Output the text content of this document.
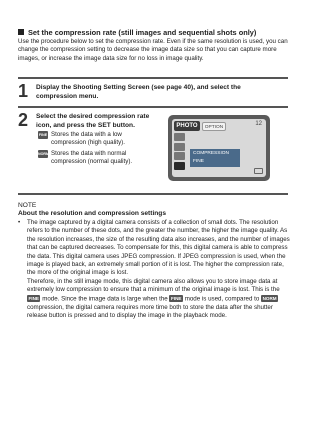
Set the compression rate (still images and sequential shots only)
Use the procedure below to set the compression rate. Even if the same resolution is used, you can change the compression setting to decrease the image data size so that you can capture more images, or increase the image data size for no loss in image quality.
1 Display the Shooting Setting Screen (see page 40), and select the compression menu.
2 Select the desired compression rate icon, and press the SET button.
FINE Stores the data with a low compression (high quality).
NORM Stores the data with normal compression (normal quality).
PHOTO	OPTION
12
COMPRESSION
FINE
NOTE
About the resolution and compression settings
• The image captured by a digital camera consists of a collection of small dots. The resolution refers to the number of these dots, and the greater the number, the higher the image quality. As the resolution increases, the size of the resulting data also increases, and the number of images that can be captured decreases. To compensate for this, this digital camera is able to compress the data. This digital camera uses JPEG compression. If JPEG compression is used, when the image is played back, an extremely small portion of it is lost. The higher the compression rate, the more of the original image is lost.
Therefore, in the still image mode, this digital camera also allows you to store image data at extremely low compression to ensure that a minimum of the original image is lost. This is the FINE mode. Since the image data is large when the FINE mode is used, compared to NORM compression, the digital camera requires more time both to store the data after the shutter release button is pressed and to display the image in the playback mode.
